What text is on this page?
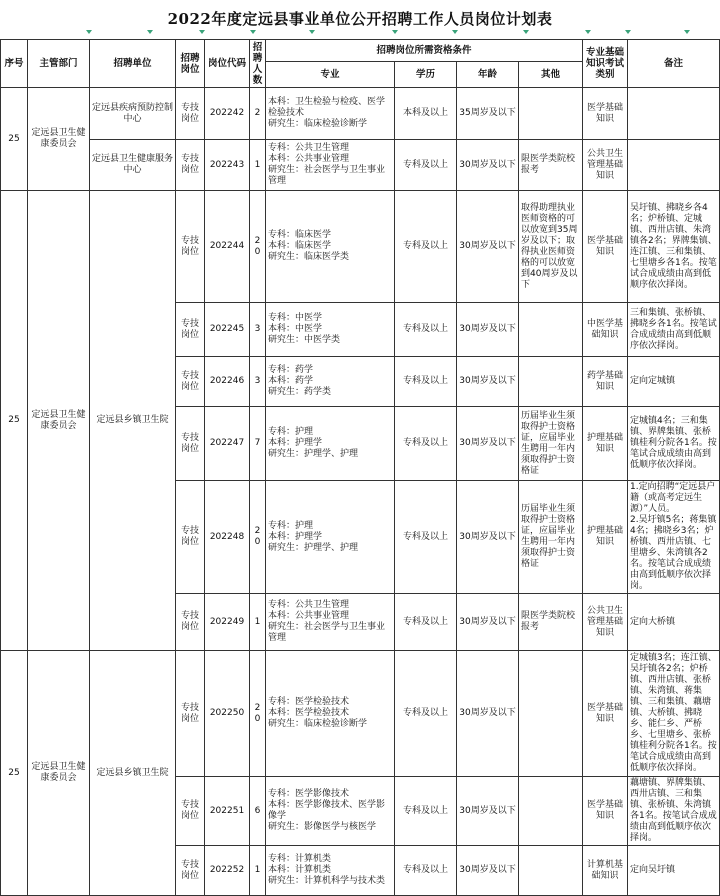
2022年度定远县事业单位公开招聘工作人员岗位计划表
序号	主管部门	招聘单位	招聘岗位	岗位代码	招聘人数	招聘岗位所需资格条件				专业基础知识考试类别	备注
						专业	学历	年龄	其他		
25	定远县卫生健康委员会	定远县疾病预防控制中心	专技岗位	202242	2	本科：卫生检验与检疫、医学检验技术
研究生：临床检验诊断学	本科及以上	35周岁及以下		医学基础知识	
		定远县卫生健康服务中心	专技岗位	202243	1	专科：公共卫生管理
本科：公共事业管理
研究生：社会医学与卫生事业管理	专科及以上	30周岁及以下	限医学类院校报考	公共卫生管理基础知识	
25	定远县卫生健康委员会	定远县乡镇卫生院	专技岗位	202244	20	专科：临床医学
本科：临床医学
研究生：临床医学类	专科及以上	30周岁及以下	取得助理执业医师资格的可以放宽到35周岁及以下；取得执业医师资格的可以放宽到40周岁及以下	医学基础知识	吴圩镇、拂晓乡各4名；炉桥镇、定城镇、西卅店镇、朱湾镇各2名；界牌集镇、连江镇、三和集镇、七里塘乡各1名。按笔试合成成绩由高到低顺序依次择岗。
			专技岗位	202245	3	专科：中医学
本科：中医学
研究生：中医学类	专科及以上	30周岁及以下		中医学基础知识	三和集镇、张桥镇、拂晓乡各1名。按笔试合成成绩由高到低顺序依次择岗。
			专技岗位	202246	3	专科：药学
本科：药学
研究生：药学类	专科及以上	30周岁及以下		药学基础知识	定向定城镇
			专技岗位	202247	7	专科：护理
本科：护理学
研究生：护理学、护理	专科及以上	30周岁及以下	历届毕业生须取得护士资格证，应届毕业生聘用一年内须取得护士资格证	护理基础知识	定城镇4名；三和集镇、界牌集镇、张桥镇桂利分院各1名。按笔试合成成绩由高到低顺序依次择岗。
			专技岗位	202248	20	专科：护理
本科：护理学
研究生：护理学、护理	专科及以上	30周岁及以下	历届毕业生须取得护士资格证，应届毕业生聘用一年内须取得护士资格证	护理基础知识	1.定向招聘“定远县户籍（或高考定远生源）”人员。
2.吴圩镇5名；蒋集镇4名；拂晓乡3名；炉桥镇、西卅店镇、七里塘乡、朱湾镇各2名。按笔试合成成绩由高到低顺序依次择岗。
			专技岗位	202249	1	专科：公共卫生管理
本科：公共事业管理
研究生：社会医学与卫生事业管理	专科及以上	30周岁及以下	限医学类院校报考	公共卫生管理基础知识	定向大桥镇
25	定远县卫生健康委员会	定远县乡镇卫生院	专技岗位	202250	20	专科：医学检验技术
本科：医学检验技术
研究生：临床检验诊断学	专科及以上	30周岁及以下		医学基础知识	定城镇3名；连江镇、吴圩镇各2名；炉桥镇、西卅店镇、张桥镇、朱湾镇、蒋集镇、三和集镇、藕塘镇、大桥镇、拂晓乡、能仁乡、严桥乡、七里塘乡、张桥镇桂利分院各1名。按笔试合成成绩由高到低顺序依次择岗。
			专技岗位	202251	6	专科：医学影像技术
本科：医学影像技术、医学影像学
研究生：影像医学与核医学	专科及以上	30周岁及以下		医学基础知识	藕塘镇、界牌集镇、西卅店镇、三和集镇、张桥镇、朱湾镇各1名。按笔试合成成绩由高到低顺序依次择岗。
			专技岗位	202252	1	专科：计算机类
本科：计算机类
研究生：计算机科学与技术类	专科及以上	30周岁及以下		计算机基础知识	定向吴圩镇
